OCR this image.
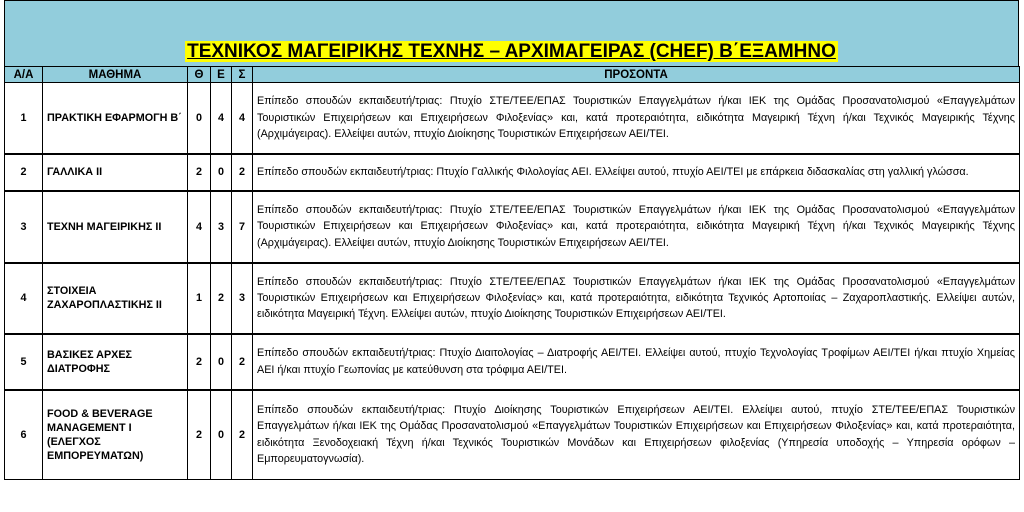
ΤΕΧΝΙΚΟΣ ΜΑΓΕΙΡΙΚΗΣ ΤΕΧΝΗΣ – ΑΡΧΙΜΑΓΕΙΡΑΣ (CHEF) Β΄ΕΞΑΜΗΝΟ
Α/Α	ΜΑΘΗΜΑ	Θ	Ε	Σ	ΠΡΟΣΟΝΤΑ
1	ΠΡΑΚΤΙΚΗ ΕΦΑΡΜΟΓΗ Β΄	0	4	4	Επίπεδο σπουδών εκπαιδευτή/τριας: Πτυχίο ΣΤΕ/ΤΕΕ/ΕΠΑΣ Τουριστικών Επαγγελμάτων ή/και ΙΕΚ της Ομάδας Προσανατολισμού «Επαγγελμάτων Τουριστικών Επιχειρήσεων και Επιχειρήσεων Φιλοξενίας» και, κατά προτεραιότητα, ειδικότητα Μαγειρική Τέχνη ή/και Τεχνικός Μαγειρικής Τέχνης (Αρχιμάγειρας). Ελλείψει αυτών, πτυχίο Διοίκησης Τουριστικών Επιχειρήσεων ΑΕΙ/ΤΕΙ.
2	ΓΑΛΛΙΚΑ ΙΙ	2	0	2	Επίπεδο σπουδών εκπαιδευτή/τριας: Πτυχίο Γαλλικής Φιλολογίας ΑΕΙ. Ελλείψει αυτού, πτυχίο ΑΕΙ/ΤΕΙ με επάρκεια διδασκαλίας στη γαλλική γλώσσα.
3	ΤΕΧΝΗ ΜΑΓΕΙΡΙΚΗΣ ΙΙ	4	3	7	Επίπεδο σπουδών εκπαιδευτή/τριας: Πτυχίο ΣΤΕ/ΤΕΕ/ΕΠΑΣ Τουριστικών Επαγγελμάτων ή/και ΙΕΚ της Ομάδας Προσανατολισμού «Επαγγελμάτων Τουριστικών Επιχειρήσεων και Επιχειρήσεων Φιλοξενίας» και, κατά προτεραιότητα, ειδικότητα Μαγειρική Τέχνη ή/και Τεχνικός Μαγειρικής Τέχνης (Αρχιμάγειρας). Ελλείψει αυτών, πτυχίο Διοίκησης Τουριστικών Επιχειρήσεων ΑΕΙ/ΤΕΙ.
4	ΣΤΟΙΧΕΙΑ ΖΑΧΑΡΟΠΛΑΣΤΙΚΗΣ ΙΙ	1	2	3	Επίπεδο σπουδών εκπαιδευτή/τριας: Πτυχίο ΣΤΕ/ΤΕΕ/ΕΠΑΣ Τουριστικών Επαγγελμάτων ή/και ΙΕΚ της Ομάδας Προσανατολισμού «Επαγγελμάτων Τουριστικών Επιχειρήσεων και Επιχειρήσεων Φιλοξενίας» και, κατά προτεραιότητα, ειδικότητα Τεχνικός Αρτοποιίας – Ζαχαροπλαστικής. Ελλείψει αυτών, ειδικότητα Μαγειρική Τέχνη. Ελλείψει αυτών, πτυχίο Διοίκησης Τουριστικών Επιχειρήσεων ΑΕΙ/ΤΕΙ.
5	ΒΑΣΙΚΕΣ ΑΡΧΕΣ ΔΙΑΤΡΟΦΗΣ	2	0	2	Επίπεδο σπουδών εκπαιδευτή/τριας: Πτυχίο Διαιτολογίας – Διατροφής ΑΕΙ/ΤΕΙ. Ελλείψει αυτού, πτυχίο Τεχνολογίας Τροφίμων ΑΕΙ/ΤΕΙ ή/και πτυχίο Χημείας ΑΕΙ ή/και πτυχίο Γεωπονίας με κατεύθυνση στα τρόφιμα ΑΕΙ/ΤΕΙ.
6	FOOD & BEVERAGE MANAGEMENT I (ΕΛΕΓΧΟΣ ΕΜΠΟΡΕΥΜΑΤΩΝ)	2	0	2	Επίπεδο σπουδών εκπαιδευτή/τριας: Πτυχίο Διοίκησης Τουριστικών Επιχειρήσεων ΑΕΙ/ΤΕΙ. Ελλείψει αυτού, πτυχίο ΣΤΕ/ΤΕΕ/ΕΠΑΣ Τουριστικών Επαγγελμάτων ή/και ΙΕΚ της Ομάδας Προσανατολισμού «Επαγγελμάτων Τουριστικών Επιχειρήσεων και Επιχειρήσεων Φιλοξενίας» και, κατά προτεραιότητα, ειδικότητα Ξενοδοχειακή Τέχνη ή/και Τεχνικός Τουριστικών Μονάδων και Επιχειρήσεων φιλοξενίας (Υπηρεσία υποδοχής – Υπηρεσία ορόφων – Εμπορευματογνωσία).
